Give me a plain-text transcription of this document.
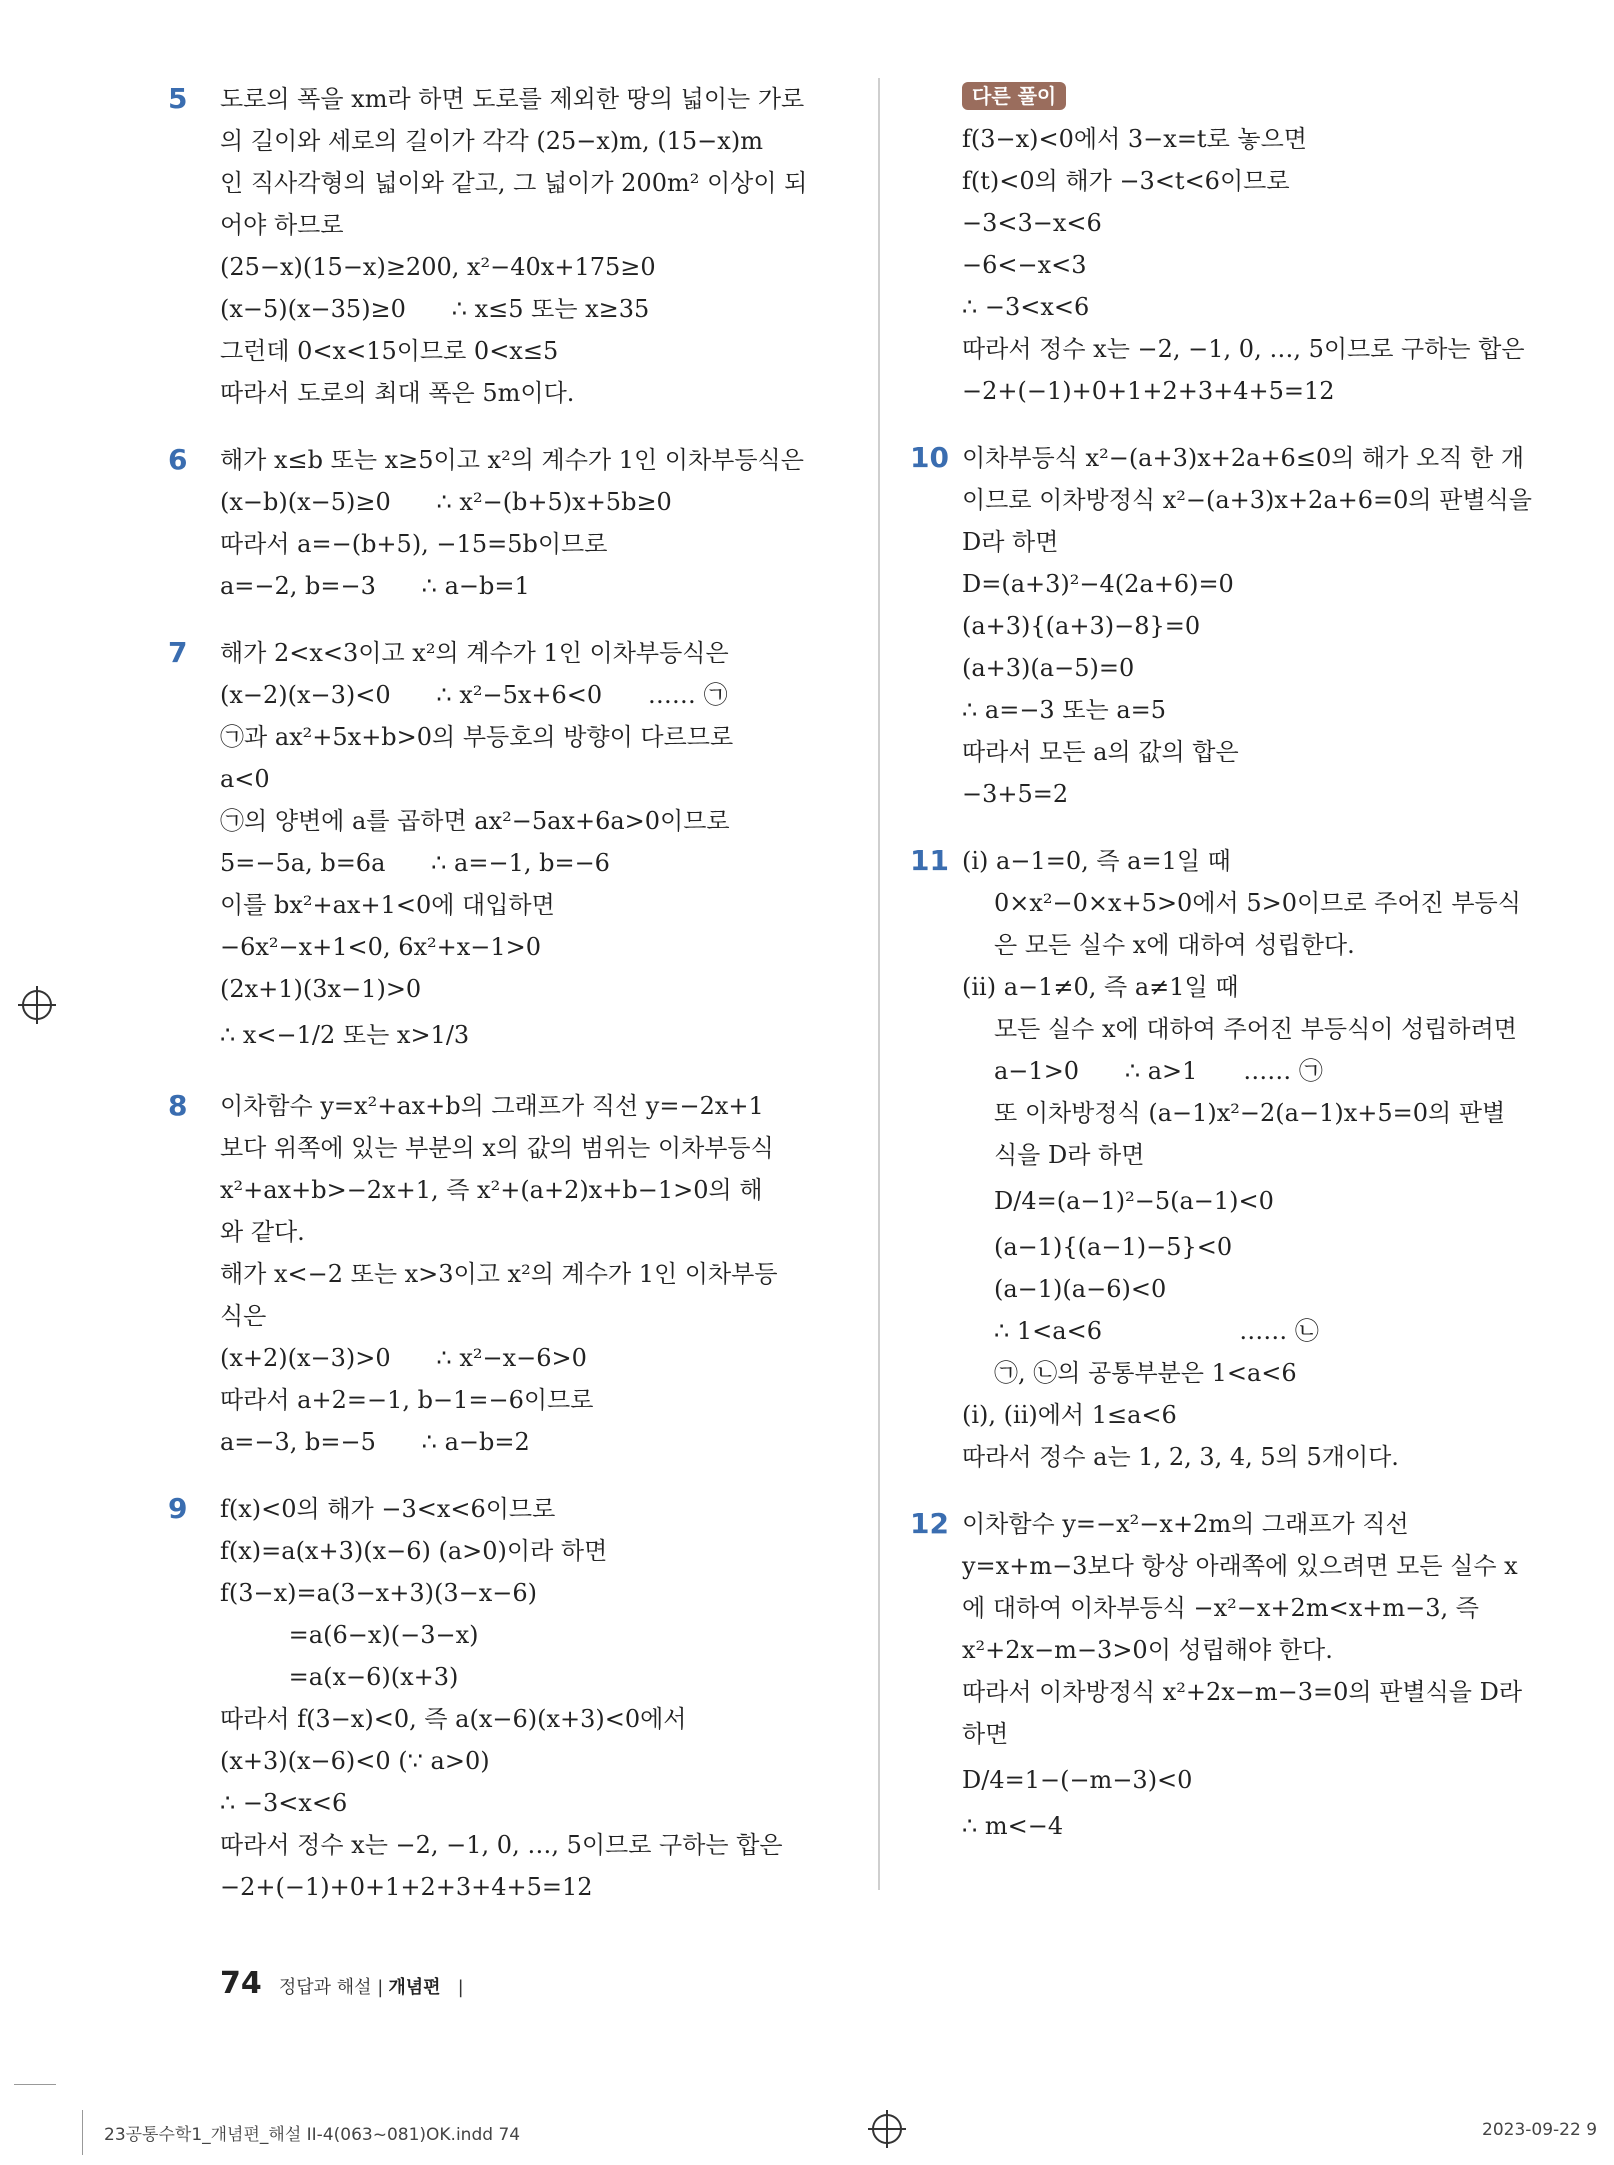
5 도로의 폭을 xm라 하면 도로를 제외한 땅의 넓이는 가로
의 길이와 세로의 길이가 각각 (25−x)m, (15−x)m
인 직사각형의 넓이와 같고, 그 넓이가 200m² 이상이 되
어야 하므로
(25−x)(15−x)≥200, x²−40x+175≥0
(x−5)(x−35)≥0      ∴ x≤5 또는 x≥35
그런데 0<x<15이므로 0<x≤5
따라서 도로의 최대 폭은 5m이다.
6 해가 x≤b 또는 x≥5이고 x²의 계수가 1인 이차부등식은
(x−b)(x−5)≥0      ∴ x²−(b+5)x+5b≥0
따라서 a=−(b+5), −15=5b이므로
a=−2, b=−3      ∴ a−b=1
7 해가 2<x<3이고 x²의 계수가 1인 이차부등식은
(x−2)(x−3)<0      ∴ x²−5x+6<0      …… ㉠
㉠과 ax²+5x+b>0의 부등호의 방향이 다르므로
a<0
㉠의 양변에 a를 곱하면 ax²−5ax+6a>0이므로
5=−5a, b=6a      ∴ a=−1, b=−6
이를 bx²+ax+1<0에 대입하면
−6x²−x+1<0, 6x²+x−1>0
(2x+1)(3x−1)>0
∴ x<−1/2 또는 x>1/3
8 이차함수 y=x²+ax+b의 그래프가 직선 y=−2x+1
보다 위쪽에 있는 부분의 x의 값의 범위는 이차부등식
x²+ax+b>−2x+1, 즉 x²+(a+2)x+b−1>0의 해
와 같다.
해가 x<−2 또는 x>3이고 x²의 계수가 1인 이차부등
식은
(x+2)(x−3)>0      ∴ x²−x−6>0
따라서 a+2=−1, b−1=−6이므로
a=−3, b=−5      ∴ a−b=2
9 f(x)<0의 해가 −3<x<6이므로
f(x)=a(x+3)(x−6) (a>0)이라 하면
f(3−x)=a(3−x+3)(3−x−6)
=a(6−x)(−3−x)
=a(x−6)(x+3)
따라서 f(3−x)<0, 즉 a(x−6)(x+3)<0에서
(x+3)(x−6)<0 (∵ a>0)
∴ −3<x<6
따라서 정수 x는 −2, −1, 0, …, 5이므로 구하는 합은
−2+(−1)+0+1+2+3+4+5=12
다른 풀이
f(3−x)<0에서 3−x=t로 놓으면
f(t)<0의 해가 −3<t<6이므로
−3<3−x<6
−6<−x<3
∴ −3<x<6
따라서 정수 x는 −2, −1, 0, …, 5이므로 구하는 합은
−2+(−1)+0+1+2+3+4+5=12
10 이차부등식 x²−(a+3)x+2a+6≤0의 해가 오직 한 개
이므로 이차방정식 x²−(a+3)x+2a+6=0의 판별식을
D라 하면
D=(a+3)²−4(2a+6)=0
(a+3){(a+3)−8}=0
(a+3)(a−5)=0
∴ a=−3 또는 a=5
따라서 모든 a의 값의 합은
−3+5=2
11 (i) a−1=0, 즉 a=1일 때
0×x²−0×x+5>0에서 5>0이므로 주어진 부등식
은 모든 실수 x에 대하여 성립한다.
(ii) a−1≠0, 즉 a≠1일 때
모든 실수 x에 대하여 주어진 부등식이 성립하려면
a−1>0      ∴ a>1      …… ㉠
또 이차방정식 (a−1)x²−2(a−1)x+5=0의 판별
식을 D라 하면
D/4=(a−1)²−5(a−1)<0
(a−1){(a−1)−5}<0
(a−1)(a−6)<0
∴ 1<a<6                  …… ㉡
㉠, ㉡의 공통부분은 1<a<6
(i), (ii)에서 1≤a<6
따라서 정수 a는 1, 2, 3, 4, 5의 5개이다.
12 이차함수 y=−x²−x+2m의 그래프가 직선
y=x+m−3보다 항상 아래쪽에 있으려면 모든 실수 x
에 대하여 이차부등식 −x²−x+2m<x+m−3, 즉
x²+2x−m−3>0이 성립해야 한다.
따라서 이차방정식 x²+2x−m−3=0의 판별식을 D라
하면
D/4=1−(−m−3)<0
∴ m<−4
74 정답과 해설 | 개념편 |
23공통수학1_개념편_해설 II-4(063~081)OK.indd 74	2023-09-22 9
